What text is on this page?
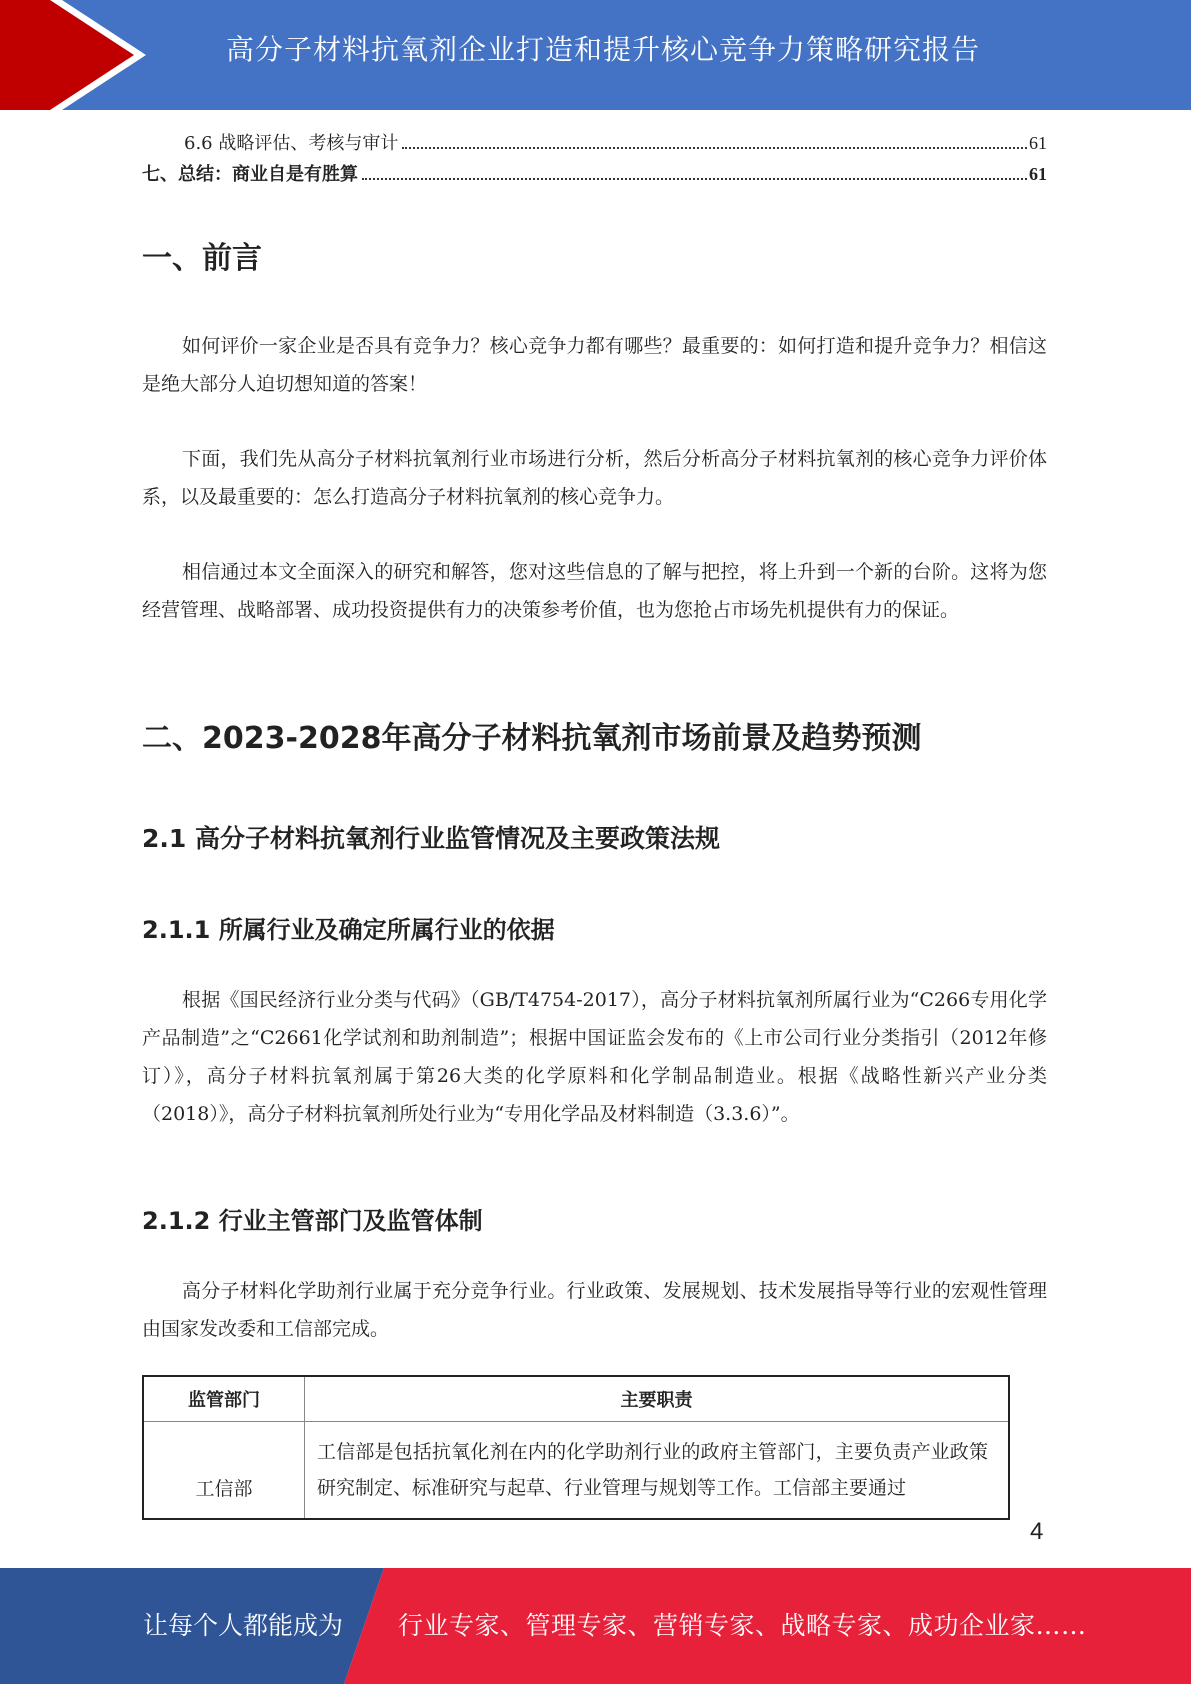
高分子材料抗氧剂企业打造和提升核心竞争力策略研究报告
6.6 战略评估、考核与审计	61
七、总结：商业自是有胜算	61
一、前言

如何评价一家企业是否具有竞争力？核心竞争力都有哪些？最重要的：如何打造和提升竞争力？相信这是绝大部分人迫切想知道的答案！

下面，我们先从高分子材料抗氧剂行业市场进行分析，然后分析高分子材料抗氧剂的核心竞争力评价体系，以及最重要的：怎么打造高分子材料抗氧剂的核心竞争力。

相信通过本文全面深入的研究和解答，您对这些信息的了解与把控，将上升到一个新的台阶。这将为您经营管理、战略部署、成功投资提供有力的决策参考价值，也为您抢占市场先机提供有力的保证。

二、2023-2028年高分子材料抗氧剂市场前景及趋势预测
2.1 高分子材料抗氧剂行业监管情况及主要政策法规
2.1.1 所属行业及确定所属行业的依据

根据《国民经济行业分类与代码》（GB/T4754-2017），高分子材料抗氧剂所属行业为“C266专用化学产品制造”之“C2661化学试剂和助剂制造”；根据中国证监会发布的《上市公司行业分类指引（2012年修订）》，高分子材料抗氧剂属于第26大类的化学原料和化学制品制造业。根据《战略性新兴产业分类（2018）》，高分子材料抗氧剂所处行业为“专用化学品及材料制造（3.3.6）”。

2.1.2 行业主管部门及监管体制

高分子材料化学助剂行业属于充分竞争行业。行业政策、发展规划、技术发展指导等行业的宏观性管理由国家发改委和工信部完成。

监管部门	主要职责
工信部	工信部是包括抗氧化剂在内的化学助剂行业的政府主管部门，主要负责产业政策研究制定、标准研究与起草、行业管理与规划等工作。工信部主要通过
4
让每个人都能成为 行业专家、管理专家、营销专家、战略专家、成功企业家……
